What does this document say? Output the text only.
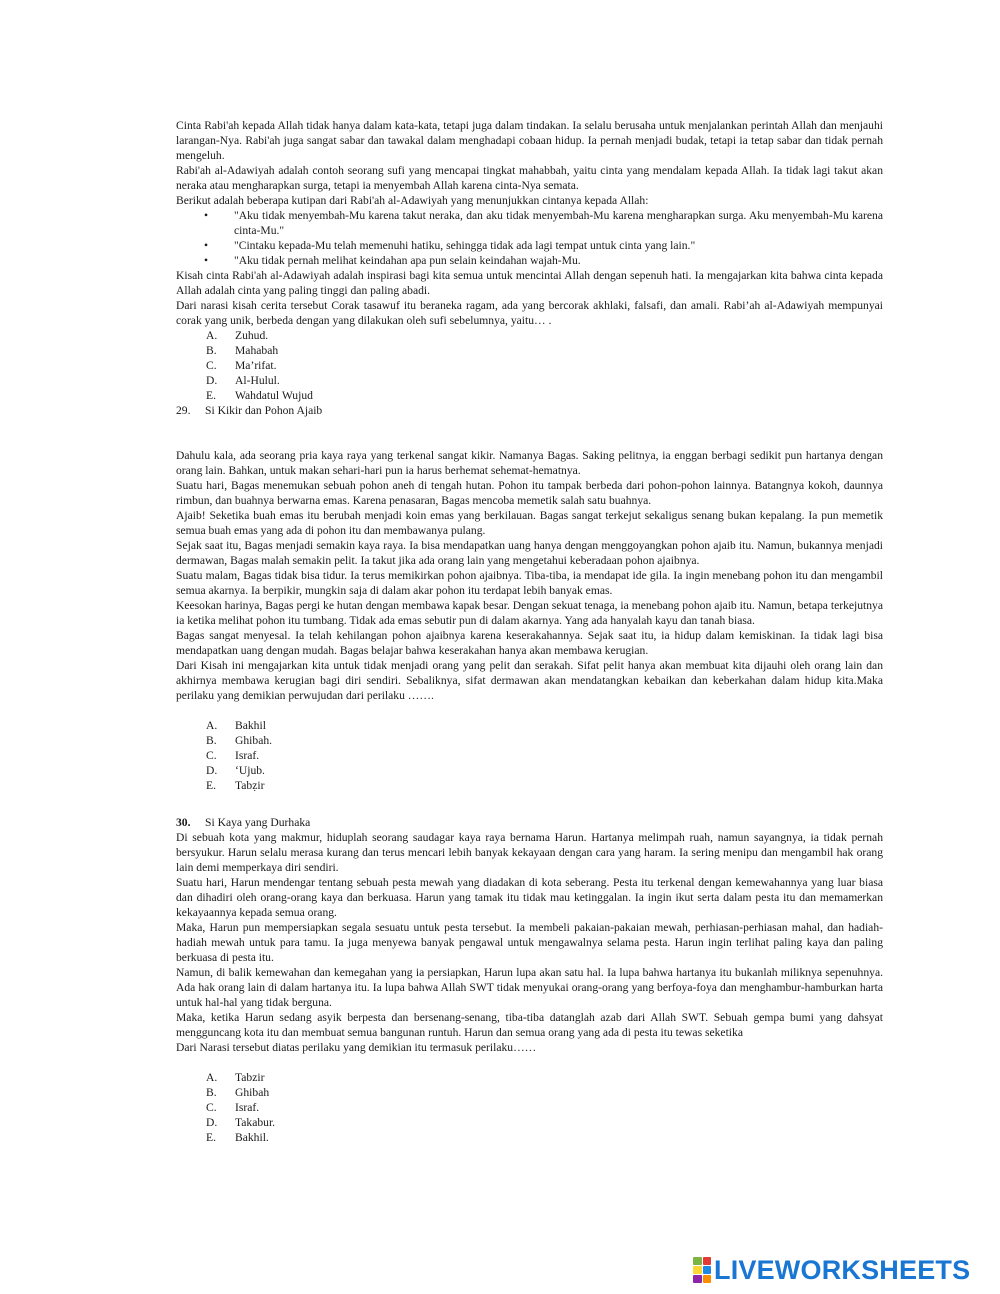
Cinta Rabi'ah kepada Allah tidak hanya dalam kata-kata, tetapi juga dalam tindakan. Ia selalu berusaha untuk menjalankan perintah Allah dan menjauhi larangan-Nya. Rabi'ah juga sangat sabar dan tawakal dalam menghadapi cobaan hidup. Ia pernah menjadi budak, tetapi ia tetap sabar dan tidak pernah mengeluh.

Rabi'ah al-Adawiyah adalah contoh seorang sufi yang mencapai tingkat mahabbah, yaitu cinta yang mendalam kepada Allah. Ia tidak lagi takut akan neraka atau mengharapkan surga, tetapi ia menyembah Allah karena cinta-Nya semata.

Berikut adalah beberapa kutipan dari Rabi'ah al-Adawiyah yang menunjukkan cintanya kepada Allah:

• "Aku tidak menyembah-Mu karena takut neraka, dan aku tidak menyembah-Mu karena mengharapkan surga. Aku menyembah-Mu karena cinta-Mu."
• "Cintaku kepada-Mu telah memenuhi hatiku, sehingga tidak ada lagi tempat untuk cinta yang lain."
• "Aku tidak pernah melihat keindahan apa pun selain keindahan wajah-Mu.

Kisah cinta Rabi'ah al-Adawiyah adalah inspirasi bagi kita semua untuk mencintai Allah dengan sepenuh hati. Ia mengajarkan kita bahwa cinta kepada Allah adalah cinta yang paling tinggi dan paling abadi.

Dari narasi kisah cerita tersebut Corak tasawuf itu beraneka ragam, ada yang bercorak akhlaki, falsafi, dan amali. Rabi’ah al-Adawiyah mempunyai corak yang unik, berbeda dengan yang dilakukan oleh sufi sebelumnya, yaitu… .

A.	Zuhud.
B.	Mahabah
C.	Ma’rifat.
D.	Al-Hulul.
E.	Wahdatul Wujud
29.	Si Kikir dan Pohon Ajaib

Dahulu kala, ada seorang pria kaya raya yang terkenal sangat kikir. Namanya Bagas. Saking pelitnya, ia enggan berbagi sedikit pun hartanya dengan orang lain. Bahkan, untuk makan sehari-hari pun ia harus berhemat sehemat-hematnya.

Suatu hari, Bagas menemukan sebuah pohon aneh di tengah hutan. Pohon itu tampak berbeda dari pohon-pohon lainnya. Batangnya kokoh, daunnya rimbun, dan buahnya berwarna emas. Karena penasaran, Bagas mencoba memetik salah satu buahnya.

Ajaib! Seketika buah emas itu berubah menjadi koin emas yang berkilauan. Bagas sangat terkejut sekaligus senang bukan kepalang. Ia pun memetik semua buah emas yang ada di pohon itu dan membawanya pulang.

Sejak saat itu, Bagas menjadi semakin kaya raya. Ia bisa mendapatkan uang hanya dengan menggoyangkan pohon ajaib itu. Namun, bukannya menjadi dermawan, Bagas malah semakin pelit. Ia takut jika ada orang lain yang mengetahui keberadaan pohon ajaibnya.

Suatu malam, Bagas tidak bisa tidur. Ia terus memikirkan pohon ajaibnya. Tiba-tiba, ia mendapat ide gila. Ia ingin menebang pohon itu dan mengambil semua akarnya. Ia berpikir, mungkin saja di dalam akar pohon itu terdapat lebih banyak emas.

Keesokan harinya, Bagas pergi ke hutan dengan membawa kapak besar. Dengan sekuat tenaga, ia menebang pohon ajaib itu. Namun, betapa terkejutnya ia ketika melihat pohon itu tumbang. Tidak ada emas sebutir pun di dalam akarnya. Yang ada hanyalah kayu dan tanah biasa.

Bagas sangat menyesal. Ia telah kehilangan pohon ajaibnya karena keserakahannya. Sejak saat itu, ia hidup dalam kemiskinan. Ia tidak lagi bisa mendapatkan uang dengan mudah. Bagas belajar bahwa keserakahan hanya akan membawa kerugian.

Dari Kisah ini mengajarkan kita untuk tidak menjadi orang yang pelit dan serakah. Sifat pelit hanya akan membuat kita dijauhi oleh orang lain dan akhirnya membawa kerugian bagi diri sendiri. Sebaliknya, sifat dermawan akan mendatangkan kebaikan dan keberkahan dalam hidup kita.Maka perilaku yang demikian perwujudan dari perilaku …….

A.	Bakhil
B.	Ghibah.
C.	Israf.
D.	‘Ujub.
E.	Tabẓir
30.	Si Kaya yang Durhaka

Di sebuah kota yang makmur, hiduplah seorang saudagar kaya raya bernama Harun. Hartanya melimpah ruah, namun sayangnya, ia tidak pernah bersyukur. Harun selalu merasa kurang dan terus mencari lebih banyak kekayaan dengan cara yang haram. Ia sering menipu dan mengambil hak orang lain demi memperkaya diri sendiri.

Suatu hari, Harun mendengar tentang sebuah pesta mewah yang diadakan di kota seberang. Pesta itu terkenal dengan kemewahannya yang luar biasa dan dihadiri oleh orang-orang kaya dan berkuasa. Harun yang tamak itu tidak mau ketinggalan. Ia ingin ikut serta dalam pesta itu dan memamerkan kekayaannya kepada semua orang.

Maka, Harun pun mempersiapkan segala sesuatu untuk pesta tersebut. Ia membeli pakaian-pakaian mewah, perhiasan-perhiasan mahal, dan hadiah-hadiah mewah untuk para tamu. Ia juga menyewa banyak pengawal untuk mengawalnya selama pesta. Harun ingin terlihat paling kaya dan paling berkuasa di pesta itu.

Namun, di balik kemewahan dan kemegahan yang ia persiapkan, Harun lupa akan satu hal. Ia lupa bahwa hartanya itu bukanlah miliknya sepenuhnya. Ada hak orang lain di dalam hartanya itu. Ia lupa bahwa Allah SWT tidak menyukai orang-orang yang berfoya-foya dan menghambur-hamburkan harta untuk hal-hal yang tidak berguna.

Maka, ketika Harun sedang asyik berpesta dan bersenang-senang, tiba-tiba datanglah azab dari Allah SWT. Sebuah gempa bumi yang dahsyat mengguncang kota itu dan membuat semua bangunan runtuh. Harun dan semua orang yang ada di pesta itu tewas seketika

Dari Narasi tersebut diatas perilaku yang demikian itu termasuk perilaku……

A.	Tabzir
B.	Ghibah
C.	Israf.
D.	Takabur.
E.	Bakhil.
LIVEWORKSHEETS
